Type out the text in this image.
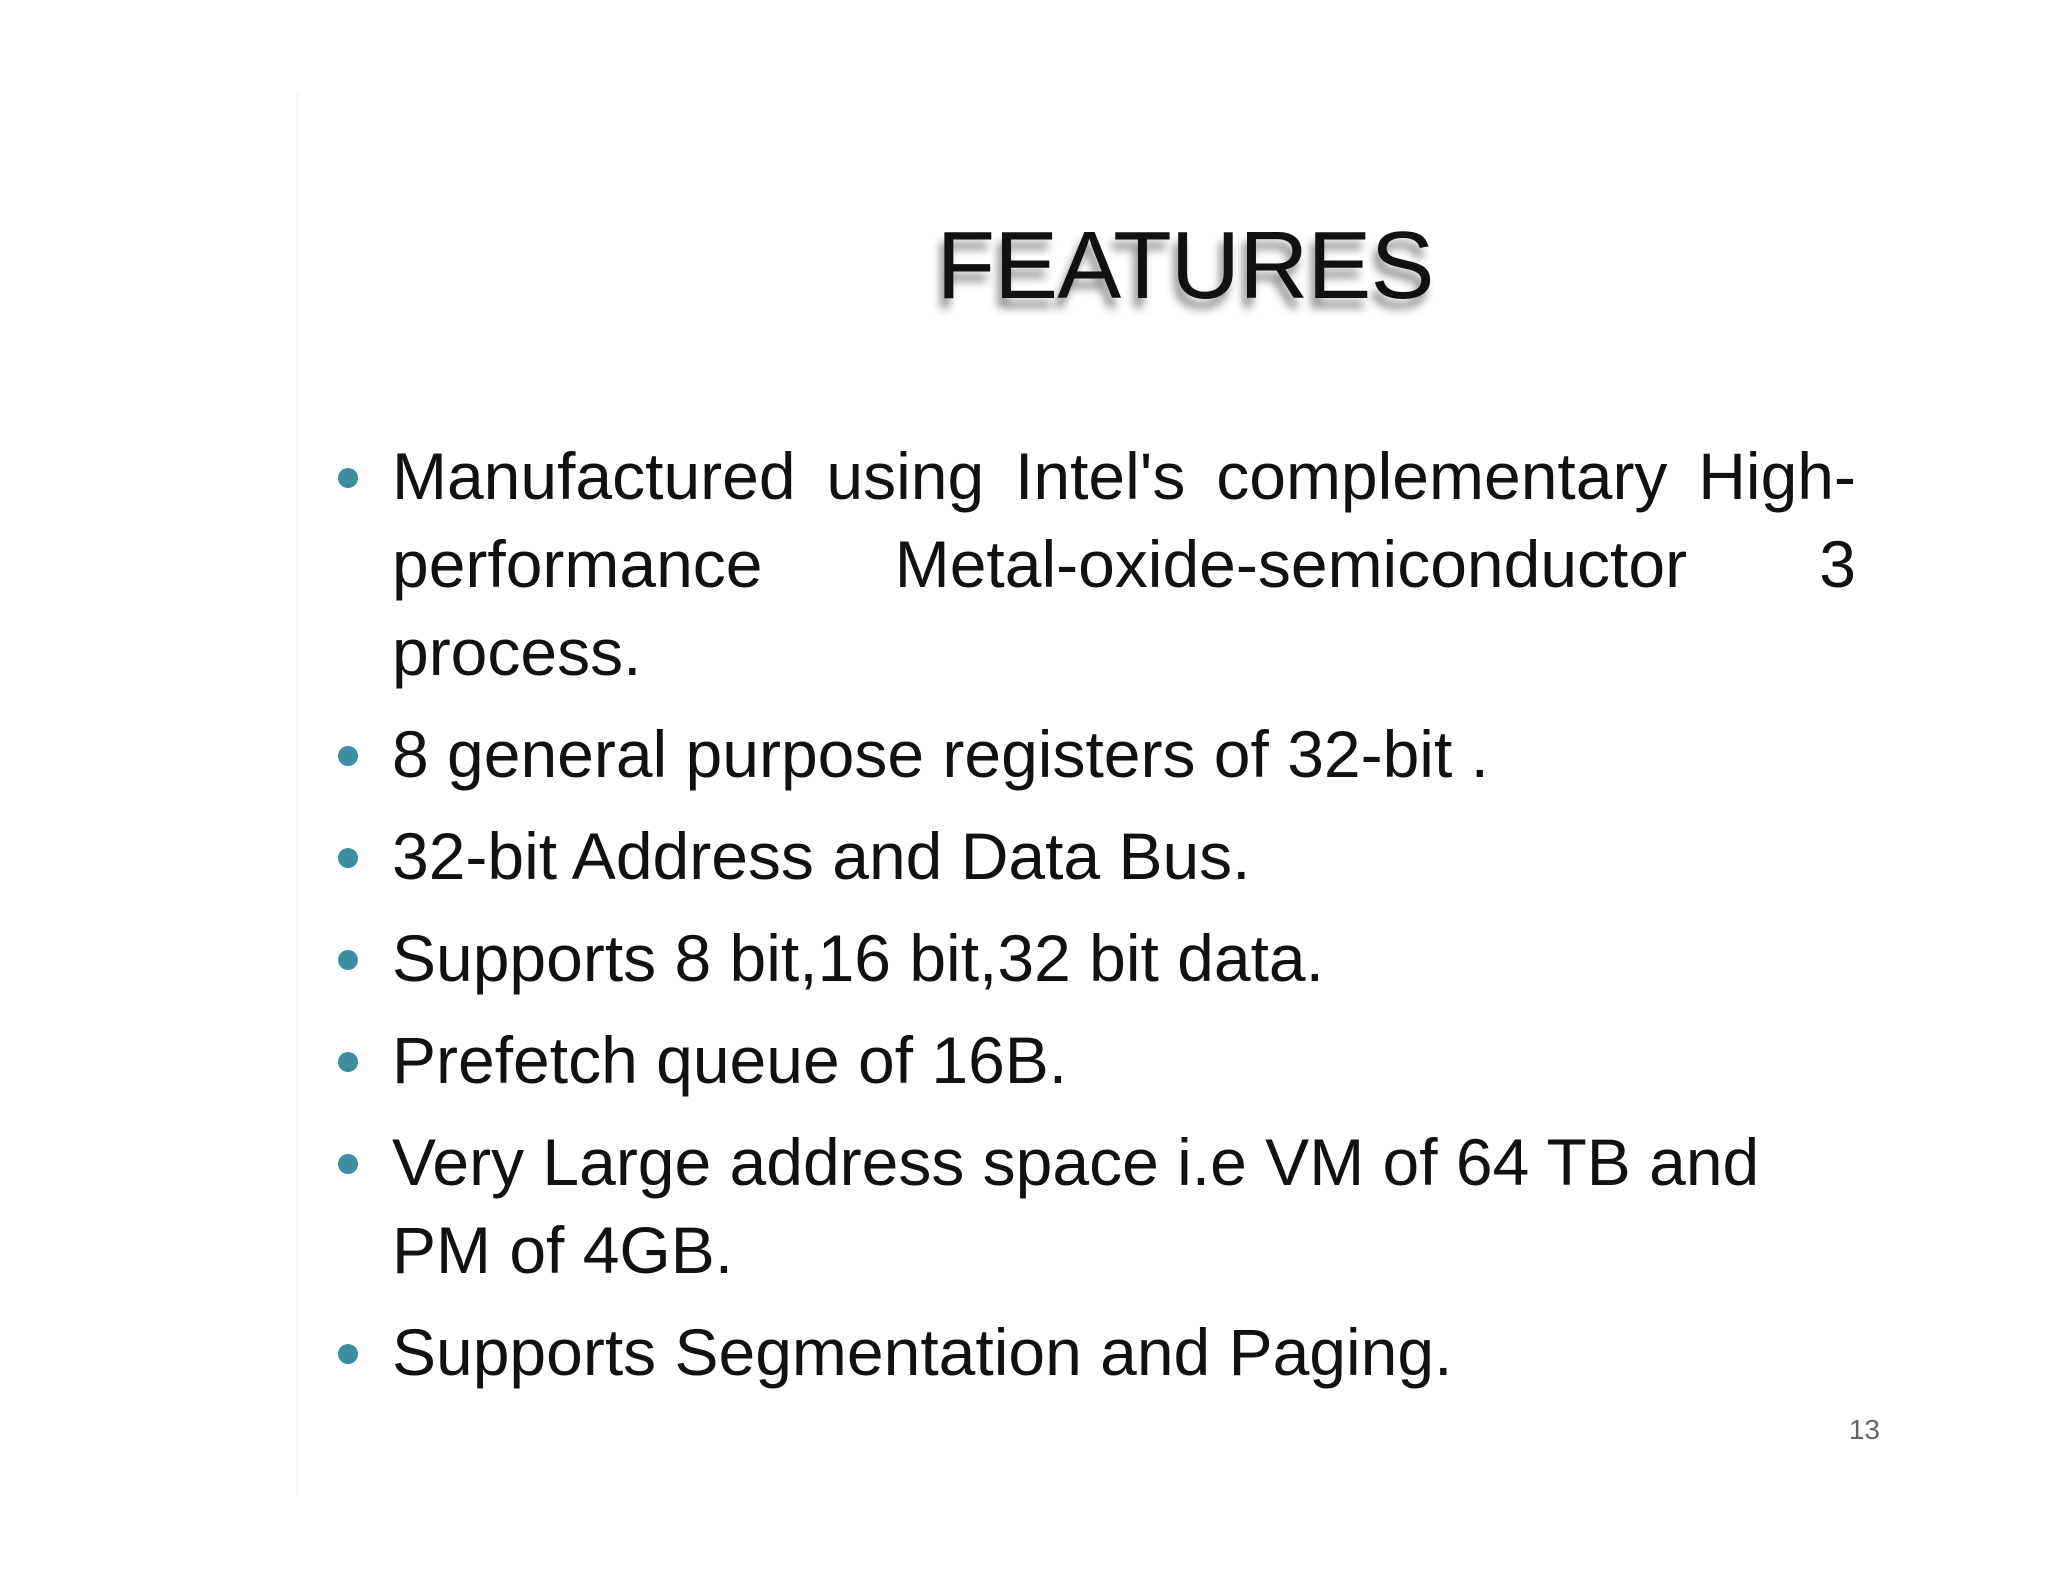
FEATURES
Manufactured using Intel's complementary High-performance Metal-oxide-semiconductor 3 process.
8 general purpose registers of 32-bit .
32-bit Address and Data Bus.
Supports 8 bit,16 bit,32 bit data.
Prefetch queue of 16B.
Very Large address space i.e VM of 64 TB and PM of 4GB.
Supports Segmentation and Paging.
13
